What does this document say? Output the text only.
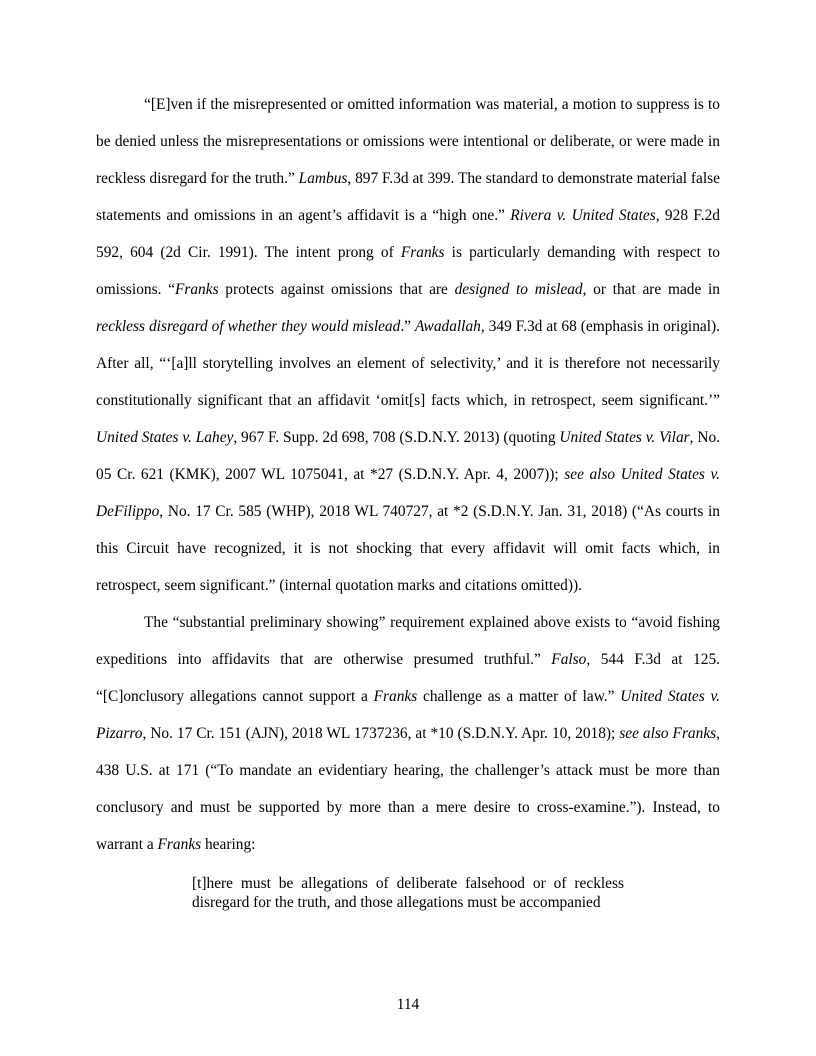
“[E]ven if the misrepresented or omitted information was material, a motion to suppress is to be denied unless the misrepresentations or omissions were intentional or deliberate, or were made in reckless disregard for the truth.” Lambus, 897 F.3d at 399. The standard to demonstrate material false statements and omissions in an agent’s affidavit is a “high one.” Rivera v. United States, 928 F.2d 592, 604 (2d Cir. 1991). The intent prong of Franks is particularly demanding with respect to omissions. “Franks protects against omissions that are designed to mislead, or that are made in reckless disregard of whether they would mislead.” Awadallah, 349 F.3d at 68 (emphasis in original). After all, “‘[a]ll storytelling involves an element of selectivity,’ and it is therefore not necessarily constitutionally significant that an affidavit ‘omit[s] facts which, in retrospect, seem significant.’” United States v. Lahey, 967 F. Supp. 2d 698, 708 (S.D.N.Y. 2013) (quoting United States v. Vilar, No. 05 Cr. 621 (KMK), 2007 WL 1075041, at *27 (S.D.N.Y. Apr. 4, 2007)); see also United States v. DeFilippo, No. 17 Cr. 585 (WHP), 2018 WL 740727, at *2 (S.D.N.Y. Jan. 31, 2018) (“As courts in this Circuit have recognized, it is not shocking that every affidavit will omit facts which, in retrospect, seem significant.” (internal quotation marks and citations omitted)).

The “substantial preliminary showing” requirement explained above exists to “avoid fishing expeditions into affidavits that are otherwise presumed truthful.” Falso, 544 F.3d at 125. “[C]onclusory allegations cannot support a Franks challenge as a matter of law.” United States v. Pizarro, No. 17 Cr. 151 (AJN), 2018 WL 1737236, at *10 (S.D.N.Y. Apr. 10, 2018); see also Franks, 438 U.S. at 171 (“To mandate an evidentiary hearing, the challenger’s attack must be more than conclusory and must be supported by more than a mere desire to cross-examine.”). Instead, to warrant a Franks hearing:

[t]here must be allegations of deliberate falsehood or of reckless disregard for the truth, and those allegations must be accompanied
114
